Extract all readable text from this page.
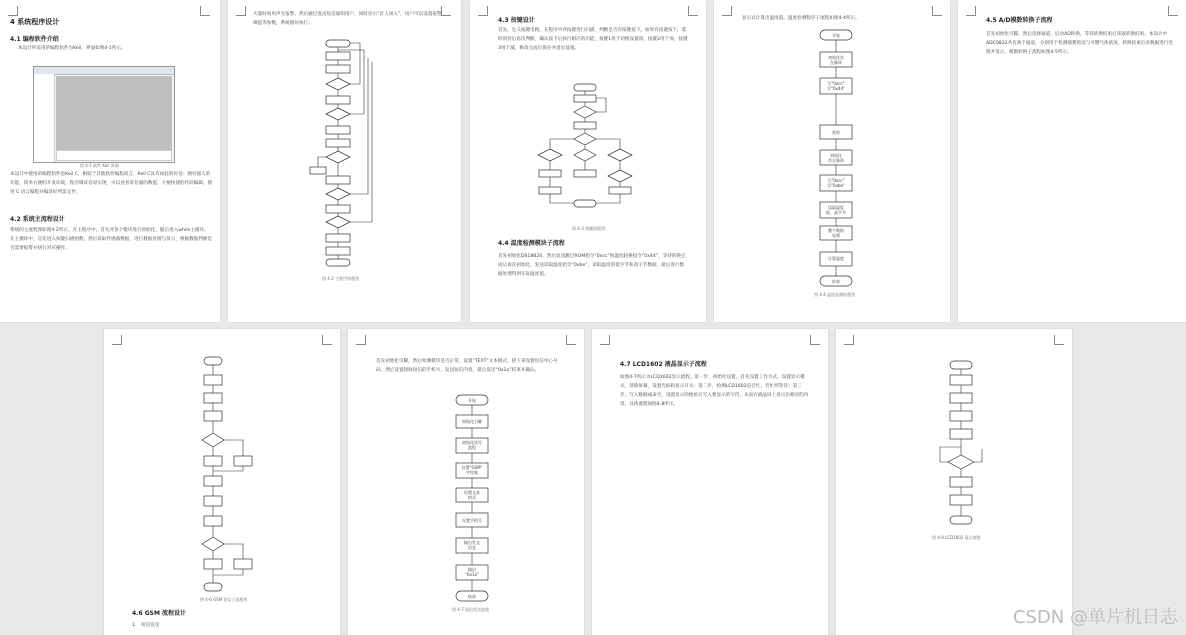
4 系统程序设计
4.1 编程软件介绍
本设计所采用的编程软件为Keil，界面如图4-1所示。
图 4-1 软件 Keil 界面
本设计中使用的编程软件是Keil C，相较于其他软件编程而言，Keil C具有如此的好处：拥有强大的功能，简单方便的开发环境，程序调试容易实现，可以查看寄存器的数值，方便快捷的代码编辑，使用 C 语言编程并编译好所需文件。
4.2 系统主流程设计
系统的主流程图如图4-2所示。在主程序中，首先对各个模块进行初始化，随后进入while主循环。在主循环中，首先进入按键扫描函数，然后读取传感器数据，进行数据处理与显示，根据数据判断是否需要报警并执行对应操作。
大量时间用声光报警，然后通过发送短信通知用户，同时显示“有人闯入”，用户可以设置报警阈值等参数，系统循环执行。
图 4-2 主程序流程图
4.3 按键设计
首先，定义按键电路，在程序中对按键进行扫描，判断是否有按键按下。如果有按键按下，延时消抖后再次判断，确认按下后执行相应的功能，按键1用于切换设置项，按键2用于加，按键3用于减，修改完成后保存并退出设置。
图 4-3 按键流程图
4.4 温度检测模块子流程
首先初始化DS18B20，然后发送跳过ROM指令“0xcc”和温度转换指令“0x44”，等待转换完成后再次初始化，发送读取温度指令“0xbe”，读取温度的低字节和高字节数据，最后进行数据处理得到实际温度值。
显示式计算出温度值。温度检测程序子流程如图4-4所示。
开始
初始化存
在脉冲
写"0xcc"
写"0x44"
延时
初始化
存在脉冲
写"0xcc"
写"0xbe"
读取温度
低、高字节
整个数据
处理
计算温度
结束
图 4-4 温度检测流程图
4.5 A/D模数转换子流程
首先初始化引脚，然后选择通道，启动AD转换，等待转换结束后读取转换结果。本设计中ADC0832共有两个通道，分别用于检测烟雾浓度与可燃气体浓度，转换结束后对数据进行处理并显示，模数转换子流程如图4-5所示。
图 4-6 GSM 短信子流程图
4.6 GSM 流程设计
1． 短信发送
首先初始化引脚，然后检测模块是否正常，设置“TEXT”文本模式，接下来设置短信中心号码，然后设置接收短信的手机号，发送短信内容，最后发送“0x1a”结束并确认。
开始
初始化引脚
初始化读写
流程
设置"GSM"
字符集
设置文本
格式
设置手机号
输出发文
信息
输出
"0x1a"
结束
图 4-7 短信发送流程
4.7 LCD1602 液晶显示子流程
如图4-7所示为LCD1602显示流程。第一步，初始化设置，首先设置工作方式，设置显示模式，清除屏幕，设置光标和显示开关；第二步，检测LCD1602是否忙，若忙则等待；第三步，写入数据或命令，设置显示的地址后写入要显示的字符，从而在液晶屏上显示出相应的内容，具体流程如图4-8所示。
图 4-8 LCD1602 显示流程
CSDN @单片机日志
